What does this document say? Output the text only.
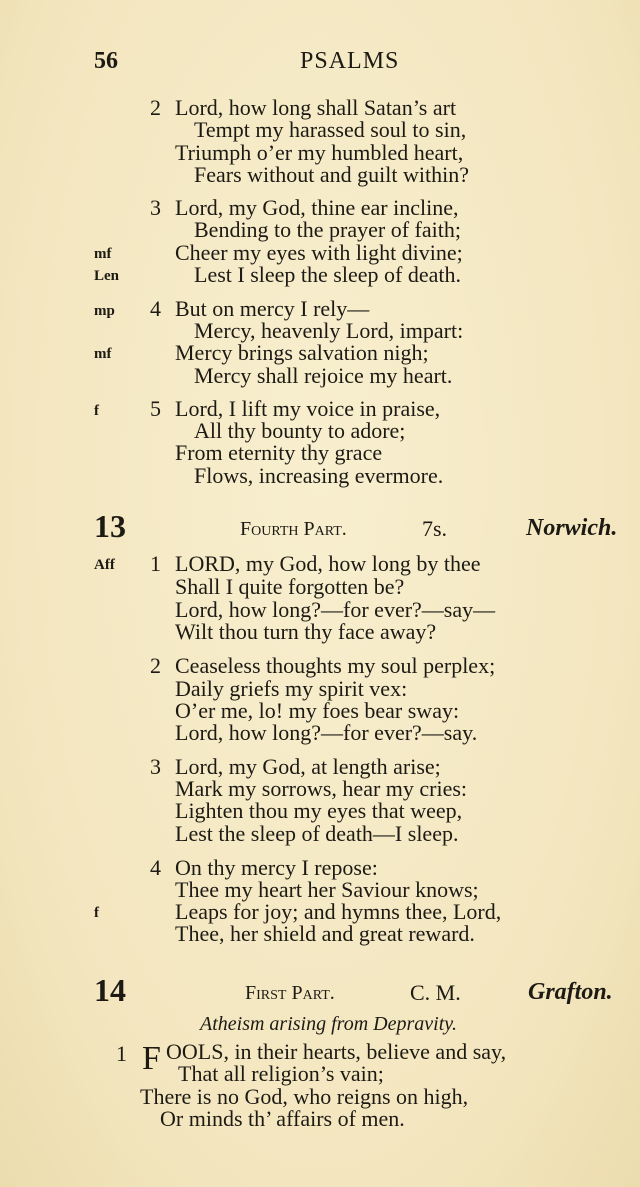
56	PSALMS
2 Lord, how long shall Satan’s art
Tempt my harassed soul to sin,
Triumph o’er my humbled heart,
Fears without and guilt within?
3 Lord, my God, thine ear incline,
Bending to the prayer of faith;
mf	Cheer my eyes with light divine;
Len	Lest I sleep the sleep of death.
mp 4 But on mercy I rely—
Mercy, heavenly Lord, impart:
mf	Mercy brings salvation nigh;
Mercy shall rejoice my heart.
f 5 Lord, I lift my voice in praise,
All thy bounty to adore;
From eternity thy grace
Flows, increasing evermore.
13	Fourth Part.	7s.	Norwich.
Aff 1 LORD, my God, how long by thee
Shall I quite forgotten be?
Lord, how long?—for ever?—say—
Wilt thou turn thy face away?
2 Ceaseless thoughts my soul perplex;
Daily griefs my spirit vex:
O’er me, lo! my foes bear sway:
Lord, how long?—for ever?—say.
3 Lord, my God, at length arise;
Mark my sorrows, hear my cries:
Lighten thou my eyes that weep,
Lest the sleep of death—I sleep.
4 On thy mercy I repose:
Thee my heart her Saviour knows;
f	Leaps for joy; and hymns thee, Lord,
Thee, her shield and great reward.
14	First Part.	C. M.	Grafton.
Atheism arising from Depravity.
1 F OOLS, in their hearts, believe and say,
That all religion’s vain;
There is no God, who reigns on high,
Or minds th’ affairs of men.
